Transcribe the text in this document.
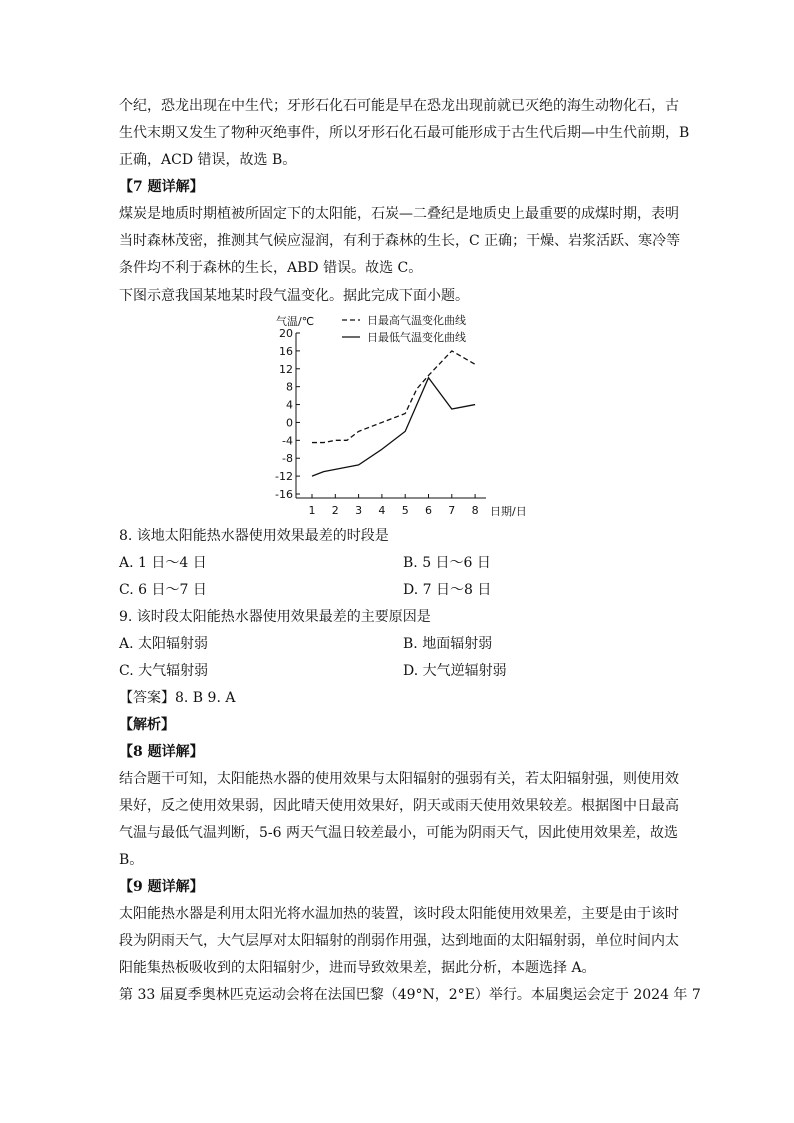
个纪，恐龙出现在中生代；牙形石化石可能是早在恐龙出现前就已灭绝的海生动物化石，古
生代末期又发生了物种灭绝事件，所以牙形石化石最可能形成于古生代后期—中生代前期，B
正确，ACD 错误，故选 B。
【7 题详解】
煤炭是地质时期植被所固定下的太阳能，石炭—二叠纪是地质史上最重要的成煤时期，表明
当时森林茂密，推测其气候应湿润，有利于森林的生长，C 正确；干燥、岩浆活跃、寒冷等
条件均不利于森林的生长，ABD 错误。故选 C。
下图示意我国某地某时段气温变化。据此完成下面小题。
气温/℃
20
16
12
8
4
0
-4
-8
-12
-16
1 2 3 4 5 6 7 8
日最高气温变化曲线
日最低气温变化曲线
日期/日
8. 该地太阳能热水器使用效果最差的时段是
A. 1 日～4 日	B. 5 日～6 日
C. 6 日～7 日	D. 7 日～8 日
9. 该时段太阳能热水器使用效果最差的主要原因是
A. 太阳辐射弱	B. 地面辐射弱
C. 大气辐射弱	D. 大气逆辐射弱
【答案】8. B 9. A
【解析】
【8 题详解】
结合题干可知，太阳能热水器的使用效果与太阳辐射的强弱有关，若太阳辐射强，则使用效
果好，反之使用效果弱，因此晴天使用效果好，阴天或雨天使用效果较差。根据图中日最高
气温与最低气温判断，5-6 两天气温日较差最小，可能为阴雨天气，因此使用效果差，故选
B。
【9 题详解】
太阳能热水器是利用太阳光将水温加热的装置，该时段太阳能使用效果差，主要是由于该时
段为阴雨天气，大气层厚对太阳辐射的削弱作用强，达到地面的太阳辐射弱，单位时间内太
阳能集热板吸收到的太阳辐射少，进而导致效果差，据此分析，本题选择 A。
第 33 届夏季奥林匹克运动会将在法国巴黎（49°N，2°E）举行。本届奥运会定于 2024 年 7
